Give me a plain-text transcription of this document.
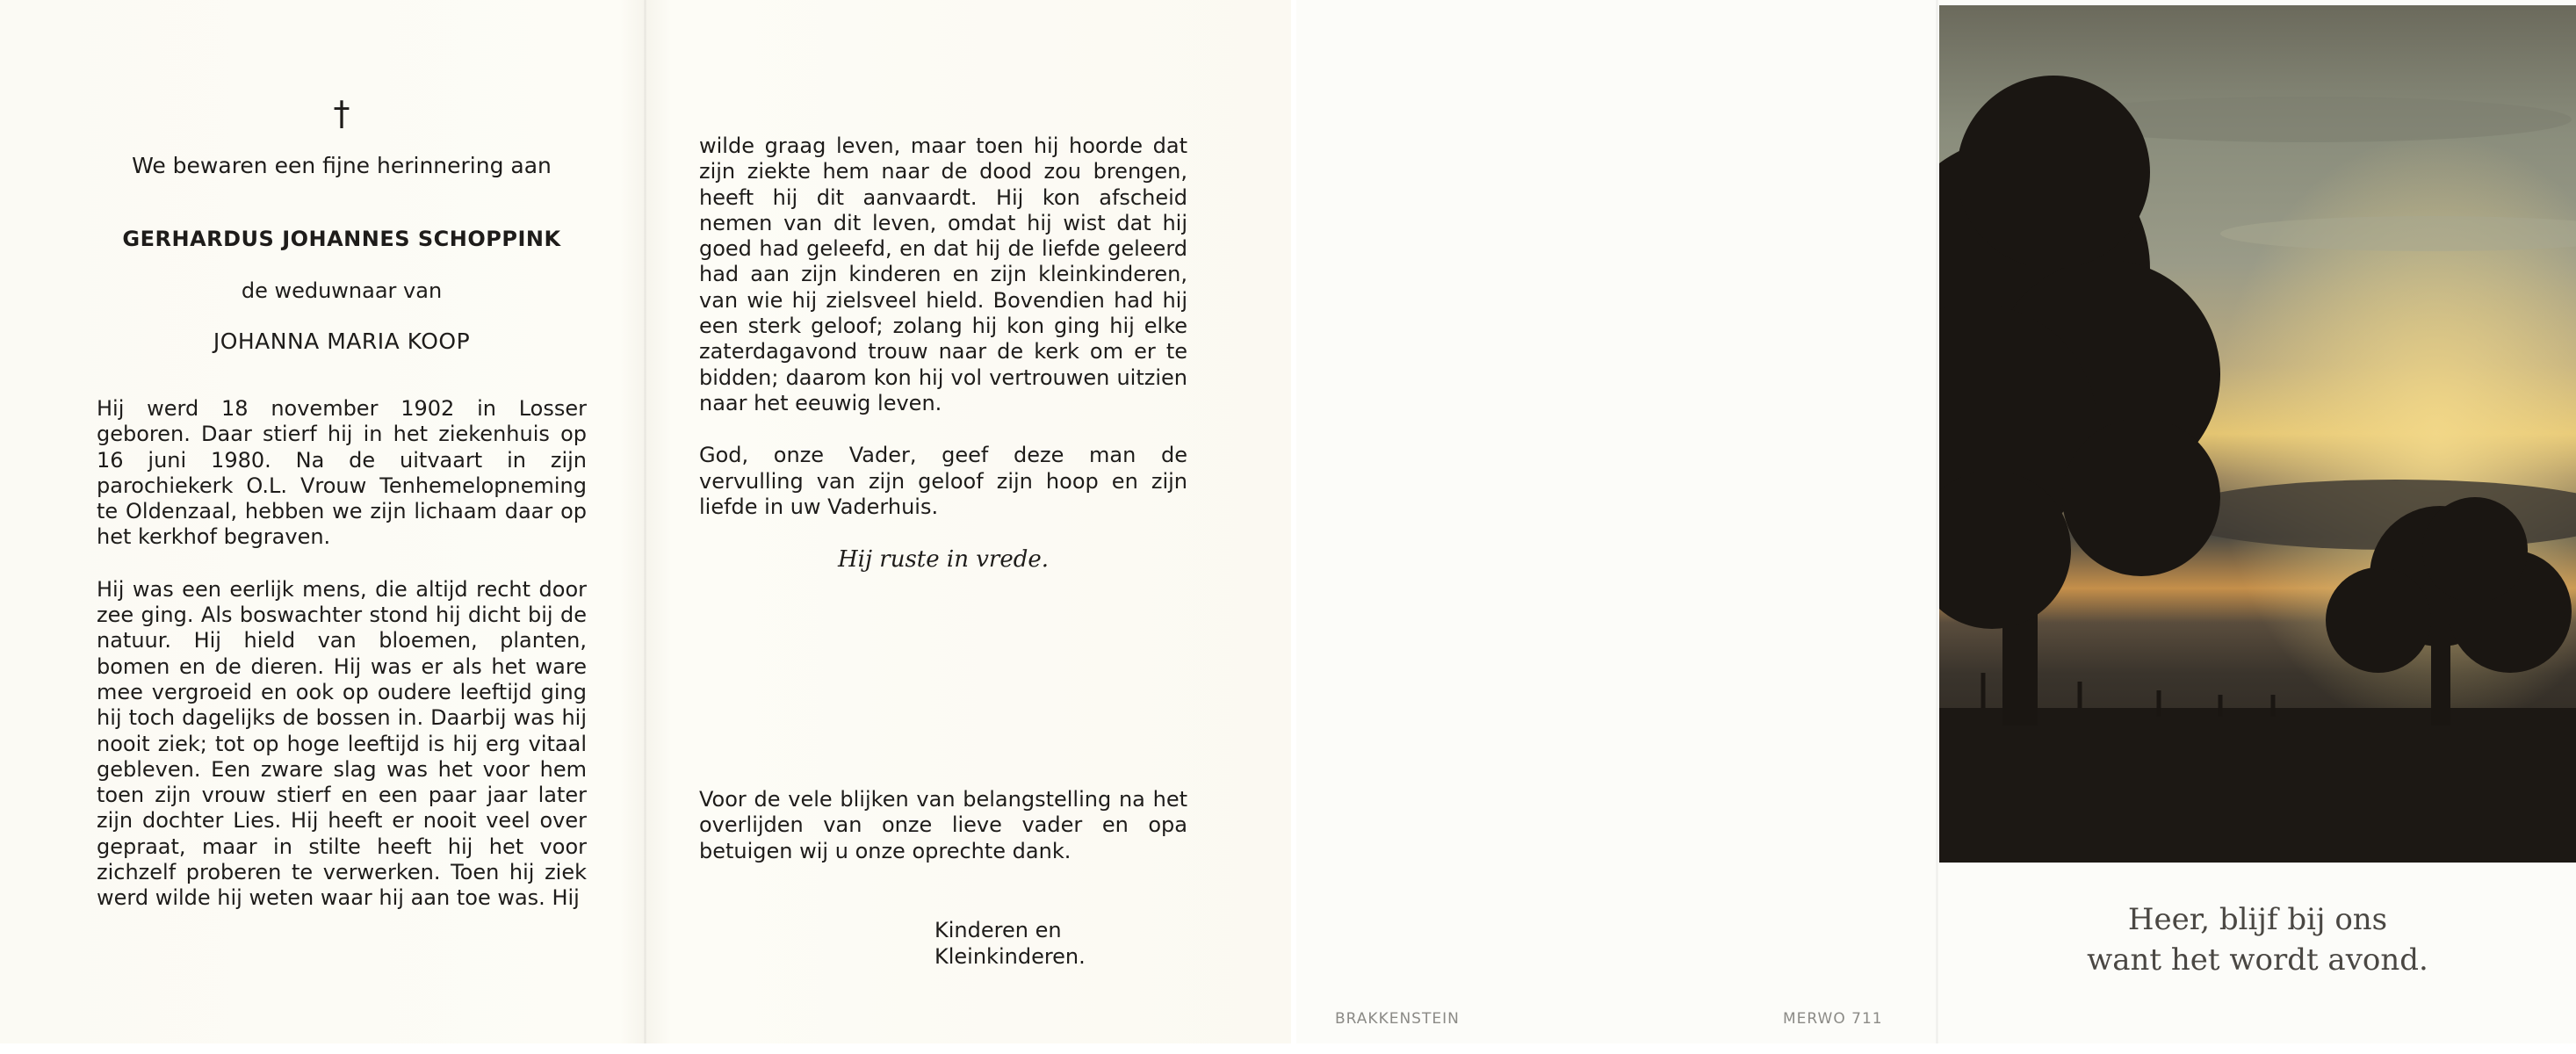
†
We bewaren een fijne herinnering aan
GERHARDUS JOHANNES SCHOPPINK
de weduwnaar van
JOHANNA MARIA KOOP

Hij werd 18 november 1902 in Losser geboren. Daar stierf hij in het ziekenhuis op 16 juni 1980. Na de uitvaart in zijn parochiekerk O.L. Vrouw Tenhemelopneming te Oldenzaal, hebben we zijn lichaam daar op het kerkhof begraven.

Hij was een eerlijk mens, die altijd recht door zee ging. Als boswachter stond hij dicht bij de natuur. Hij hield van bloemen, planten, bomen en de dieren. Hij was er als het ware mee vergroeid en ook op oudere leeftijd ging hij toch dagelijks de bossen in. Daarbij was hij nooit ziek; tot op hoge leeftijd is hij erg vitaal gebleven. Een zware slag was het voor hem toen zijn vrouw stierf en een paar jaar later zijn dochter Lies. Hij heeft er nooit veel over gepraat, maar in stilte heeft hij het voor zichzelf proberen te verwerken. Toen hij ziek werd wilde hij weten waar hij aan toe was. Hij

wilde graag leven, maar toen hij hoorde dat zijn ziekte hem naar de dood zou brengen, heeft hij dit aanvaardt. Hij kon afscheid nemen van dit leven, omdat hij wist dat hij goed had geleefd, en dat hij de liefde geleerd had aan zijn kinderen en zijn kleinkinderen, van wie hij zielsveel hield. Bovendien had hij een sterk geloof; zolang hij kon ging hij elke zaterdagavond trouw naar de kerk om er te bidden; daarom kon hij vol vertrouwen uitzien naar het eeuwig leven.

God, onze Vader, geef deze man de vervulling van zijn geloof zijn hoop en zijn liefde in uw Vaderhuis.

Hij ruste in vrede.
Voor de vele blijken van belangstelling na het overlijden van onze lieve vader en opa betuigen wij u onze oprechte dank.
Kinderen en
Kleinkinderen.
Heer, blijf bij ons
want het wordt avond.
BRAKKENSTEIN	MERWO 711
